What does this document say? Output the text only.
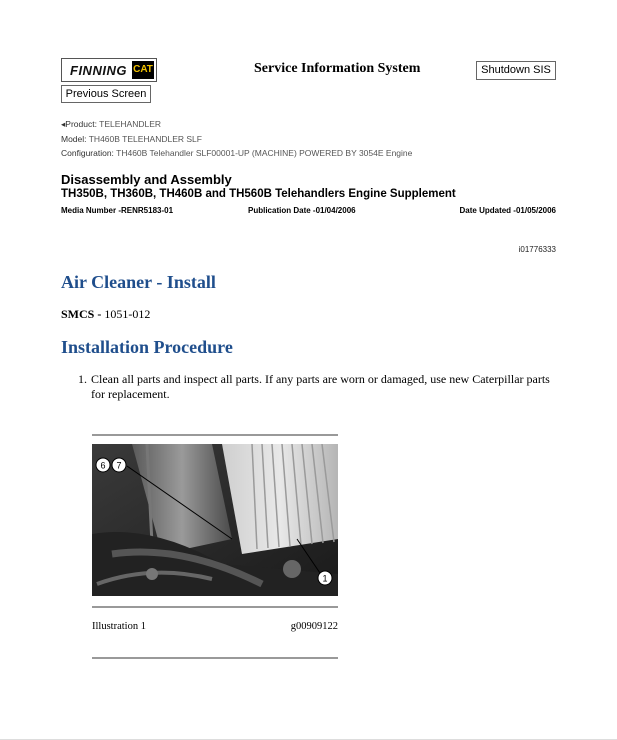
FINNING CAT	Service Information System	Shutdown SIS
Previous Screen
◂Product: TELEHANDLER
Model: TH460B TELEHANDLER SLF
Configuration: TH460B Telehandler SLF00001-UP (MACHINE) POWERED BY 3054E Engine
Disassembly and Assembly
TH350B, TH360B, TH460B and TH560B Telehandlers Engine Supplement
Media Number -RENR5183-01	Publication Date -01/04/2006	Date Updated -01/05/2006
i01776333
Air Cleaner - Install
SMCS - 1051-012
Installation Procedure
1. Clean all parts and inspect all parts. If any parts are worn or damaged, use new Caterpillar parts for replacement.
6 7
1
Illustration 1	g00909122
